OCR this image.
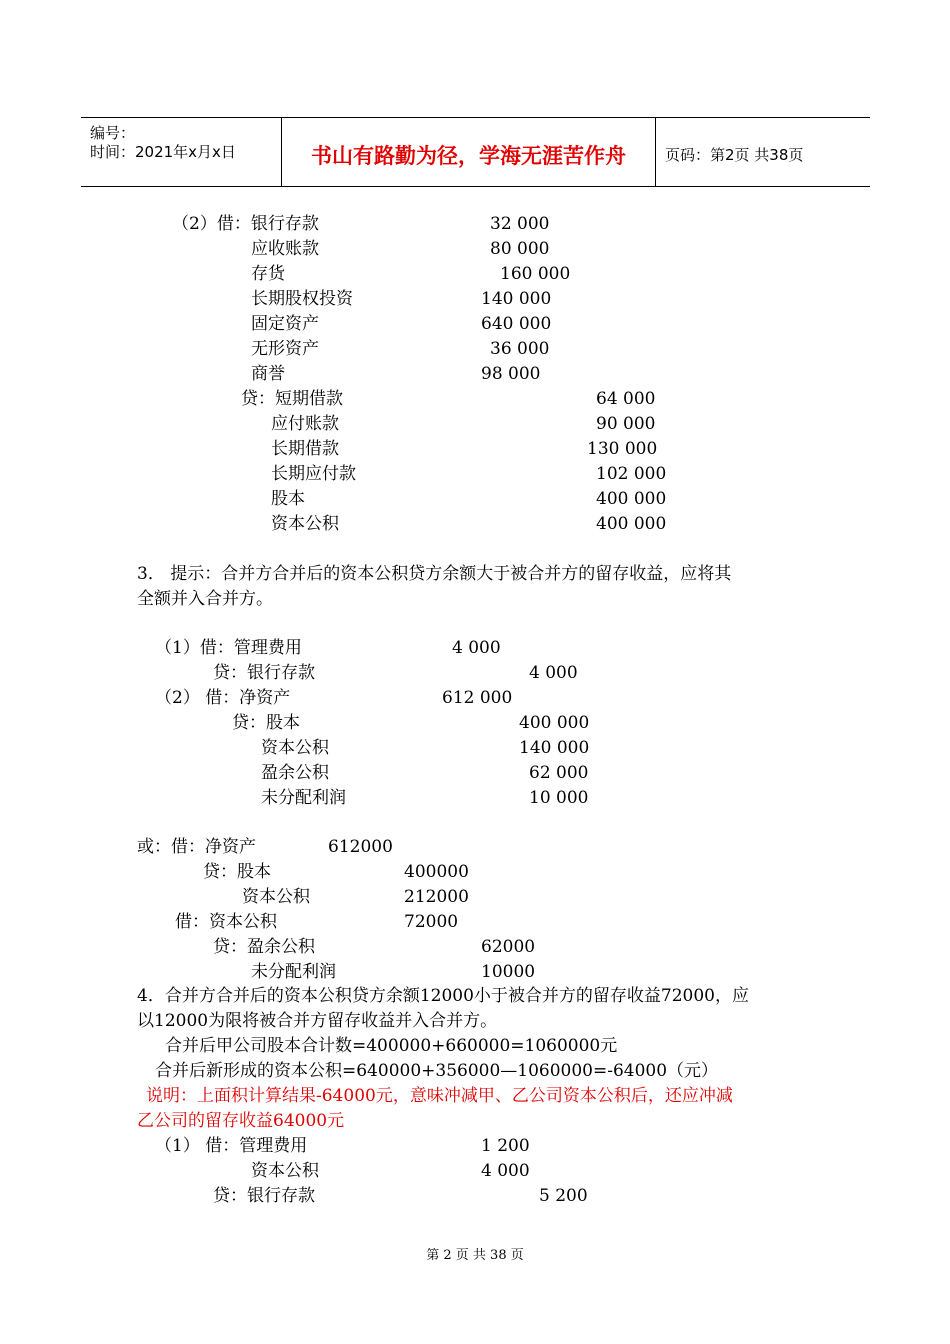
编号：
时间：2021年x月x日	书山有路勤为径，学海无涯苦作舟	页码：第2页 共38页
（2）借：银行存款	32 000
应收账款	80 000
存货	160 000
长期股权投资	140 000
固定资产	640 000
无形资产	36 000
商誉	98 000
贷：短期借款	64 000
应付账款	90 000
长期借款	130 000
长期应付款	102 000
股本	400 000
资本公积	400 000
3． 提示：合并方合并后的资本公积贷方余额大于被合并方的留存收益，应将其
全额并入合并方。
（1）借：管理费用	4 000
贷：银行存款	4 000
（2） 借：净资产	612 000
贷：股本	400 000
资本公积	140 000
盈余公积	62 000
未分配利润	10 000
或：借：净资产	612000
贷：股本	400000
资本公积	212000
借：资本公积	72000
贷：盈余公积	62000
未分配利润	10000
4．合并方合并后的资本公积贷方余额12000小于被合并方的留存收益72000，应
以12000为限将被合并方留存收益并入合并方。
合并后甲公司股本合计数=400000+660000=1060000元
合并后新形成的资本公积=640000+356000—1060000=-64000（元）
说明：上面积计算结果-64000元，意味冲减甲、乙公司资本公积后，还应冲减
乙公司的留存收益64000元
（1） 借：管理费用	1 200
资本公积	4 000
贷：银行存款	5 200
第 2 页 共 38 页
